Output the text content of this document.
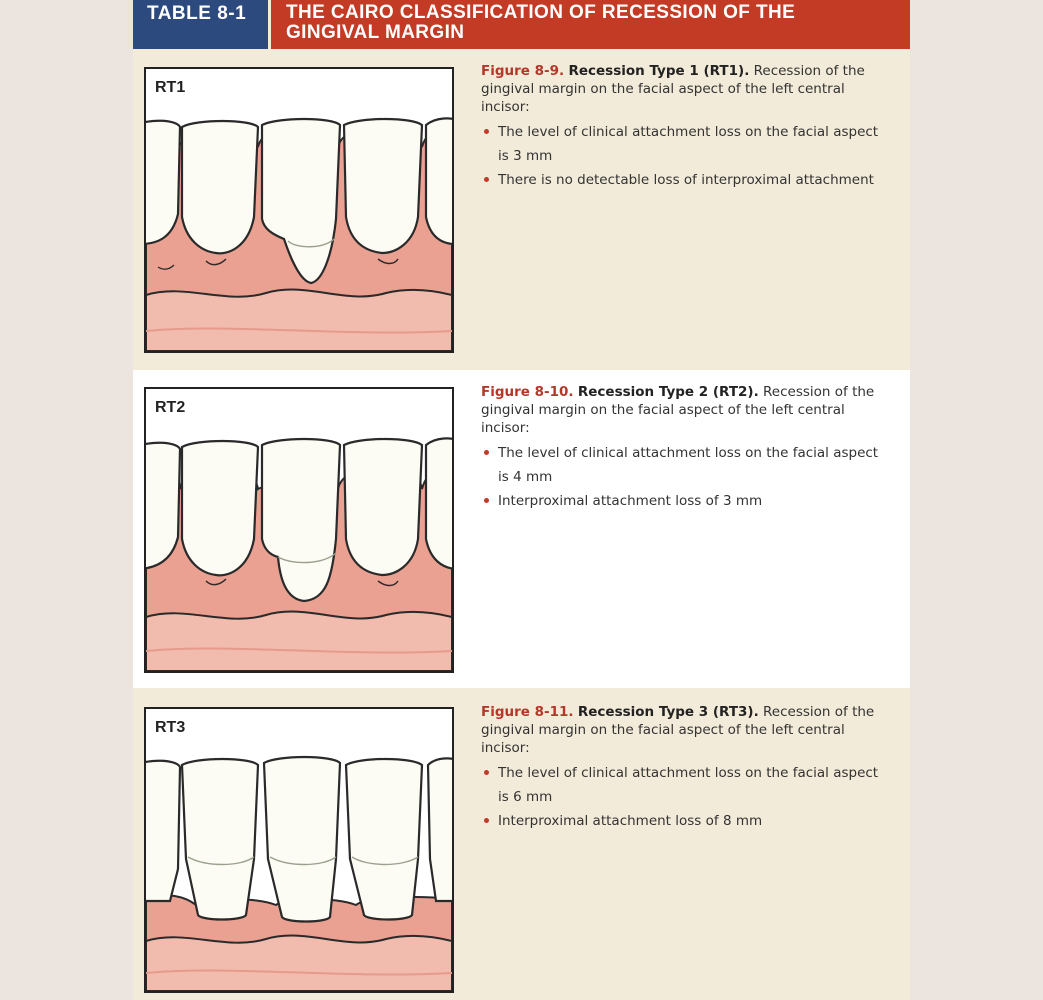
TABLE 8-1 THE CAIRO CLASSIFICATION OF RECESSION OF THE GINGIVAL MARGIN
RT1
Figure 8-9. Recession Type 1 (RT1). Recession of the gingival margin on the facial aspect of the left central incisor:
The level of clinical attachment loss on the facial aspect is 3 mm
There is no detectable loss of interproximal attachment
RT2
Figure 8-10. Recession Type 2 (RT2). Recession of the gingival margin on the facial aspect of the left central incisor:
The level of clinical attachment loss on the facial aspect is 4 mm
Interproximal attachment loss of 3 mm
RT3
Figure 8-11. Recession Type 3 (RT3). Recession of the gingival margin on the facial aspect of the left central incisor:
The level of clinical attachment loss on the facial aspect is 6 mm
Interproximal attachment loss of 8 mm
